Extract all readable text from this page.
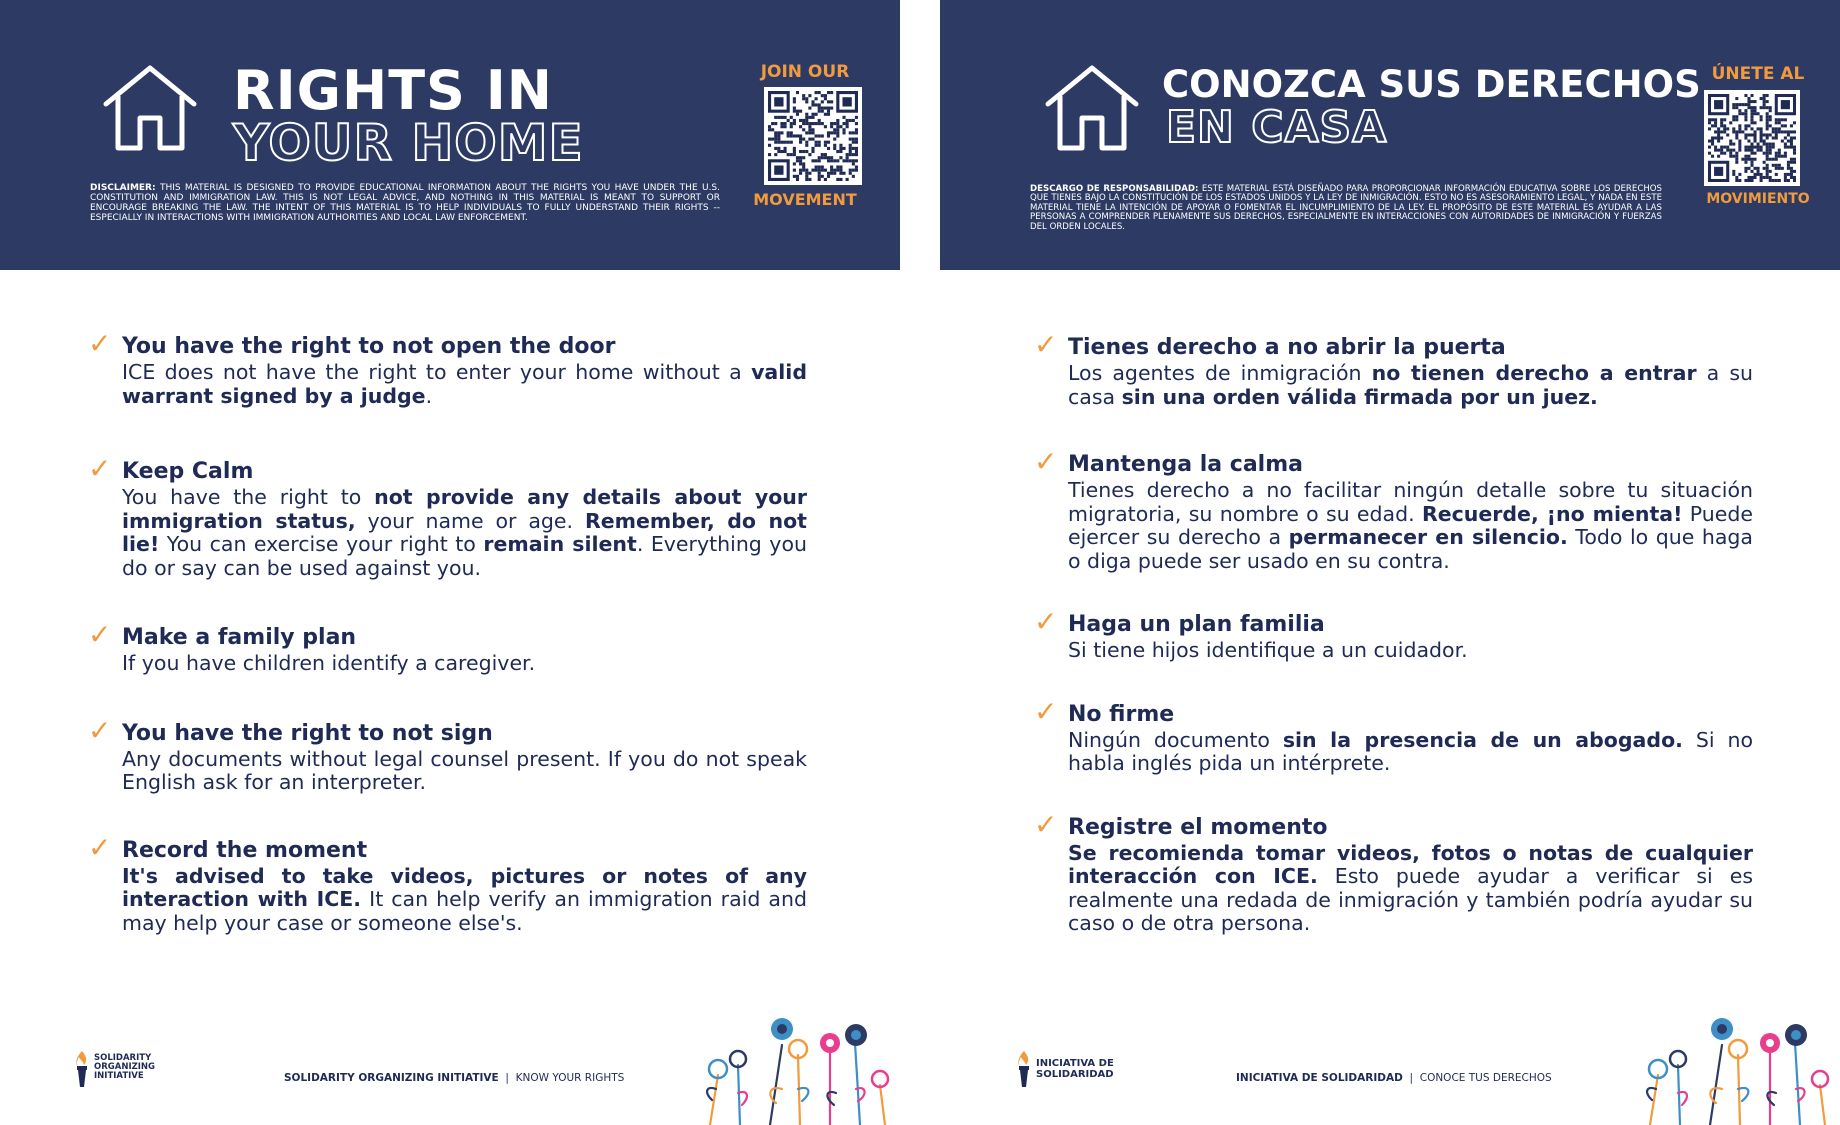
RIGHTS IN
YOUR HOME
DISCLAIMER: THIS MATERIAL IS DESIGNED TO PROVIDE EDUCATIONAL INFORMATION ABOUT THE RIGHTS YOU HAVE UNDER THE U.S. CONSTITUTION AND IMMIGRATION LAW. THIS IS NOT LEGAL ADVICE, AND NOTHING IN THIS MATERIAL IS MEANT TO SUPPORT OR ENCOURAGE BREAKING THE LAW. THE INTENT OF THIS MATERIAL IS TO HELP INDIVIDUALS TO FULLY UNDERSTAND THEIR RIGHTS -- ESPECIALLY IN INTERACTIONS WITH IMMIGRATION AUTHORITIES AND LOCAL LAW ENFORCEMENT.
JOIN OUR
MOVEMENT
✓ You have the right to not open the door
ICE does not have the right to enter your home without a valid warrant signed by a judge.
✓ Keep Calm
You have the right to not provide any details about your immigration status, your name or age. Remember, do not lie! You can exercise your right to remain silent. Everything you do or say can be used against you.
✓ Make a family plan
If you have children identify a caregiver.
✓ You have the right to not sign
Any documents without legal counsel present. If you do not speak English ask for an interpreter.
✓ Record the moment
It's advised to take videos, pictures or notes of any interaction with ICE. It can help verify an immigration raid and may help your case or someone else's.
SOLIDARITY
ORGANIZING
INITIATIVE	SOLIDARITY ORGANIZING INITIATIVE | KNOW YOUR RIGHTS
CONOZCA SUS DERECHOS
EN CASA
DESCARGO DE RESPONSABILIDAD: ESTE MATERIAL ESTÁ DISEÑADO PARA PROPORCIONAR INFORMACIÓN EDUCATIVA SOBRE LOS DERECHOS QUE TIENES BAJO LA CONSTITUCIÓN DE LOS ESTADOS UNIDOS Y LA LEY DE INMIGRACIÓN. ESTO NO ES ASESORAMIENTO LEGAL, Y NADA EN ESTE MATERIAL TIENE LA INTENCIÓN DE APOYAR O FOMENTAR EL INCUMPLIMIENTO DE LA LEY. EL PROPÓSITO DE ESTE MATERIAL ES AYUDAR A LAS PERSONAS A COMPRENDER PLENAMENTE SUS DERECHOS, ESPECIALMENTE EN INTERACCIONES CON AUTORIDADES DE INMIGRACIÓN Y FUERZAS DEL ORDEN LOCALES.
ÚNETE AL
MOVIMIENTO
✓ Tienes derecho a no abrir la puerta
Los agentes de inmigración no tienen derecho a entrar a su casa sin una orden válida firmada por un juez.
✓ Mantenga la calma
Tienes derecho a no facilitar ningún detalle sobre tu situación migratoria, su nombre o su edad. Recuerde, ¡no mienta! Puede ejercer su derecho a permanecer en silencio. Todo lo que haga o diga puede ser usado en su contra.
✓ Haga un plan familia
Si tiene hijos identifique a un cuidador.
✓ No firme
Ningún documento sin la presencia de un abogado. Si no habla inglés pida un intérprete.
✓ Registre el momento
Se recomienda tomar videos, fotos o notas de cualquier interacción con ICE. Esto puede ayudar a verificar si es realmente una redada de inmigración y también podría ayudar su caso o de otra persona.
INICIATIVA DE
SOLIDARIDAD	INICIATIVA DE SOLIDARIDAD | CONOCE TUS DERECHOS
